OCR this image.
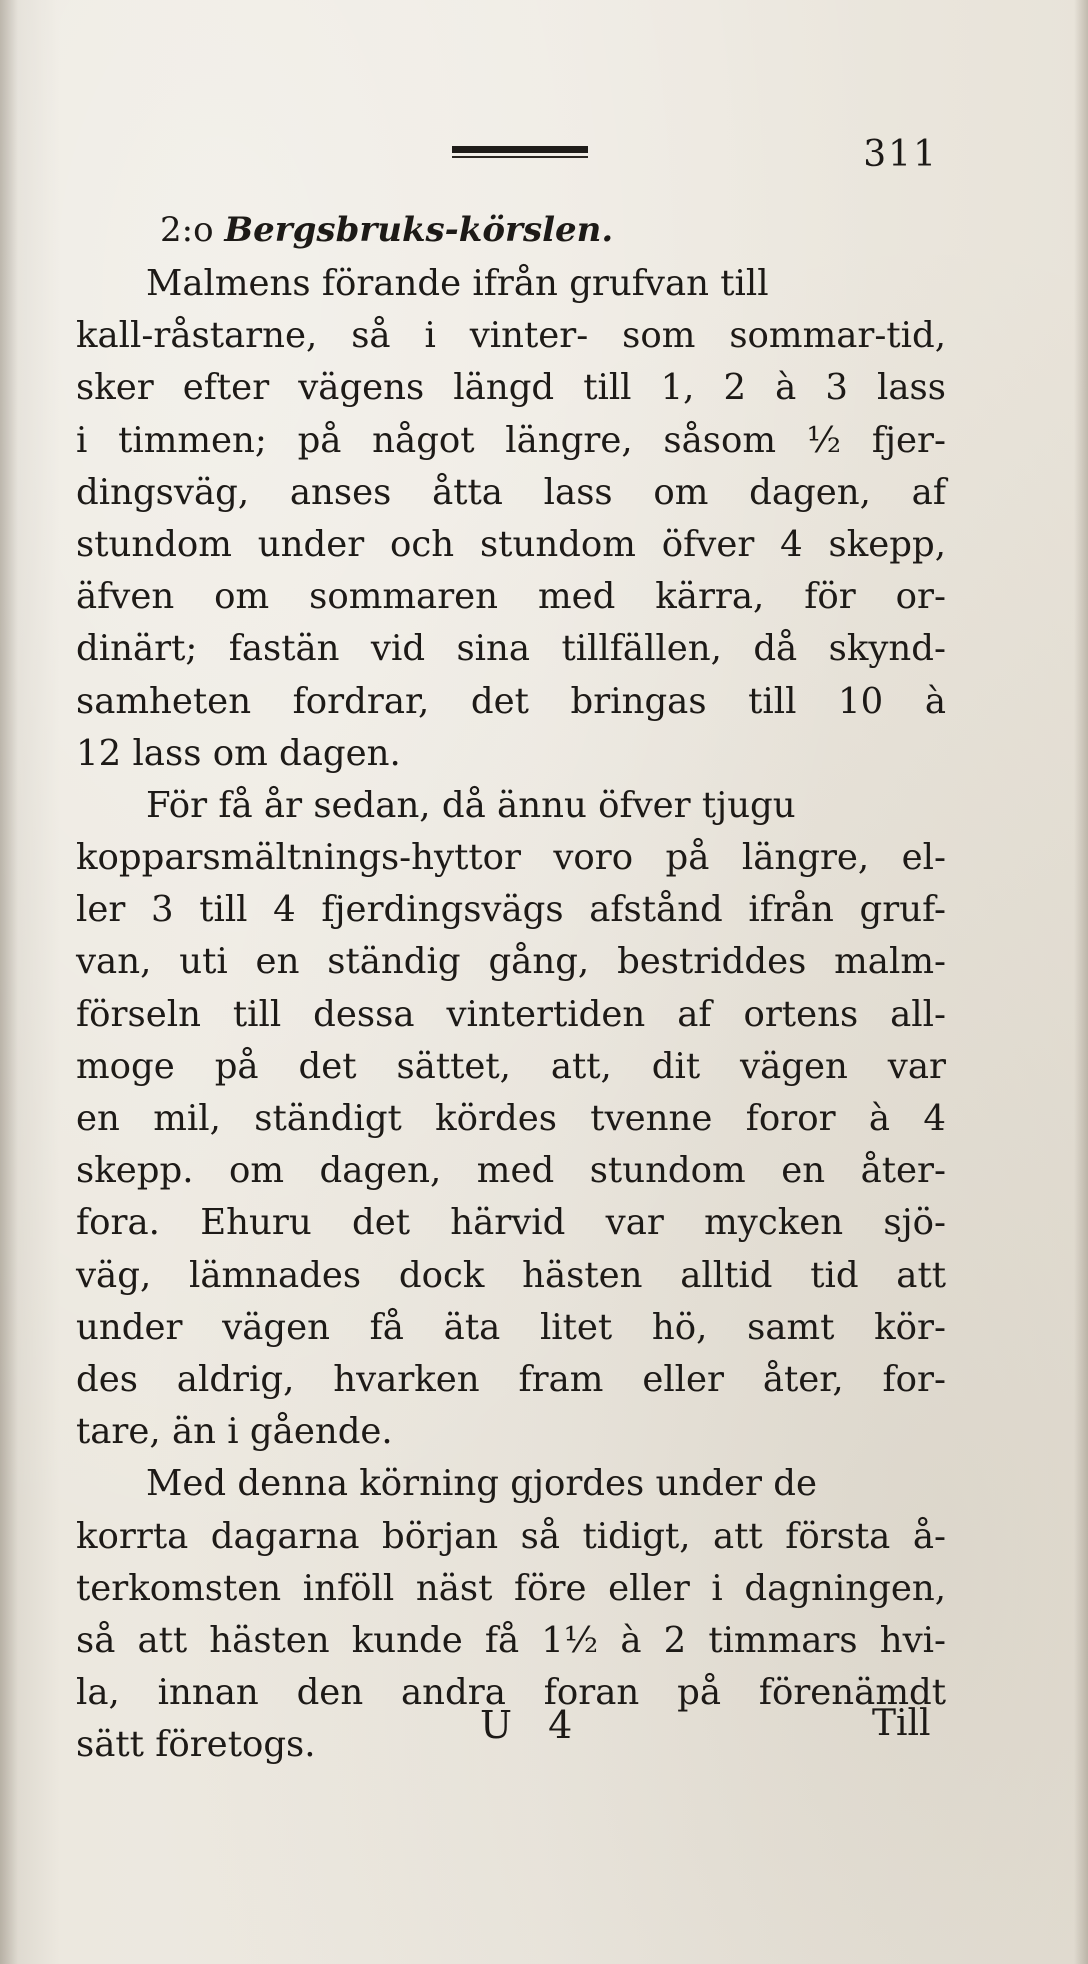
311
2:o Bergsbruks-körslen.
Malmens förande ifrån grufvan till
kall-råstarne, så i vinter- som sommar-tid,
sker efter vägens längd till 1, 2 à 3 lass
i timmen; på något längre, såsom ½ fjer-
dingsväg, anses åtta lass om dagen, af
stundom under och stundom öfver 4 skepp,
äfven om sommaren med kärra, för or-
dinärt; fastän vid sina tillfällen, då skynd-
samheten fordrar, det bringas till 10 à
12 lass om dagen.
För få år sedan, då ännu öfver tjugu
kopparsmältnings-hyttor voro på längre, el-
ler 3 till 4 fjerdingsvägs afstånd ifrån gruf-
van, uti en ständig gång, bestriddes malm-
förseln till dessa vintertiden af ortens all-
moge på det sättet, att, dit vägen var
en mil, ständigt kördes tvenne foror à 4
skepp. om dagen, med stundom en åter-
fora. Ehuru det härvid var mycken sjö-
väg, lämnades dock hästen alltid tid att
under vägen få äta litet hö, samt kör-
des aldrig, hvarken fram eller åter, for-
tare, än i gående.
Med denna körning gjordes under de
korrta dagarna början så tidigt, att första å-
terkomsten inföll näst före eller i dagningen,
så att hästen kunde få 1½ à 2 timmars hvi-
la, innan den andra foran på förenämdt
sätt företogs.	U 4	Till
